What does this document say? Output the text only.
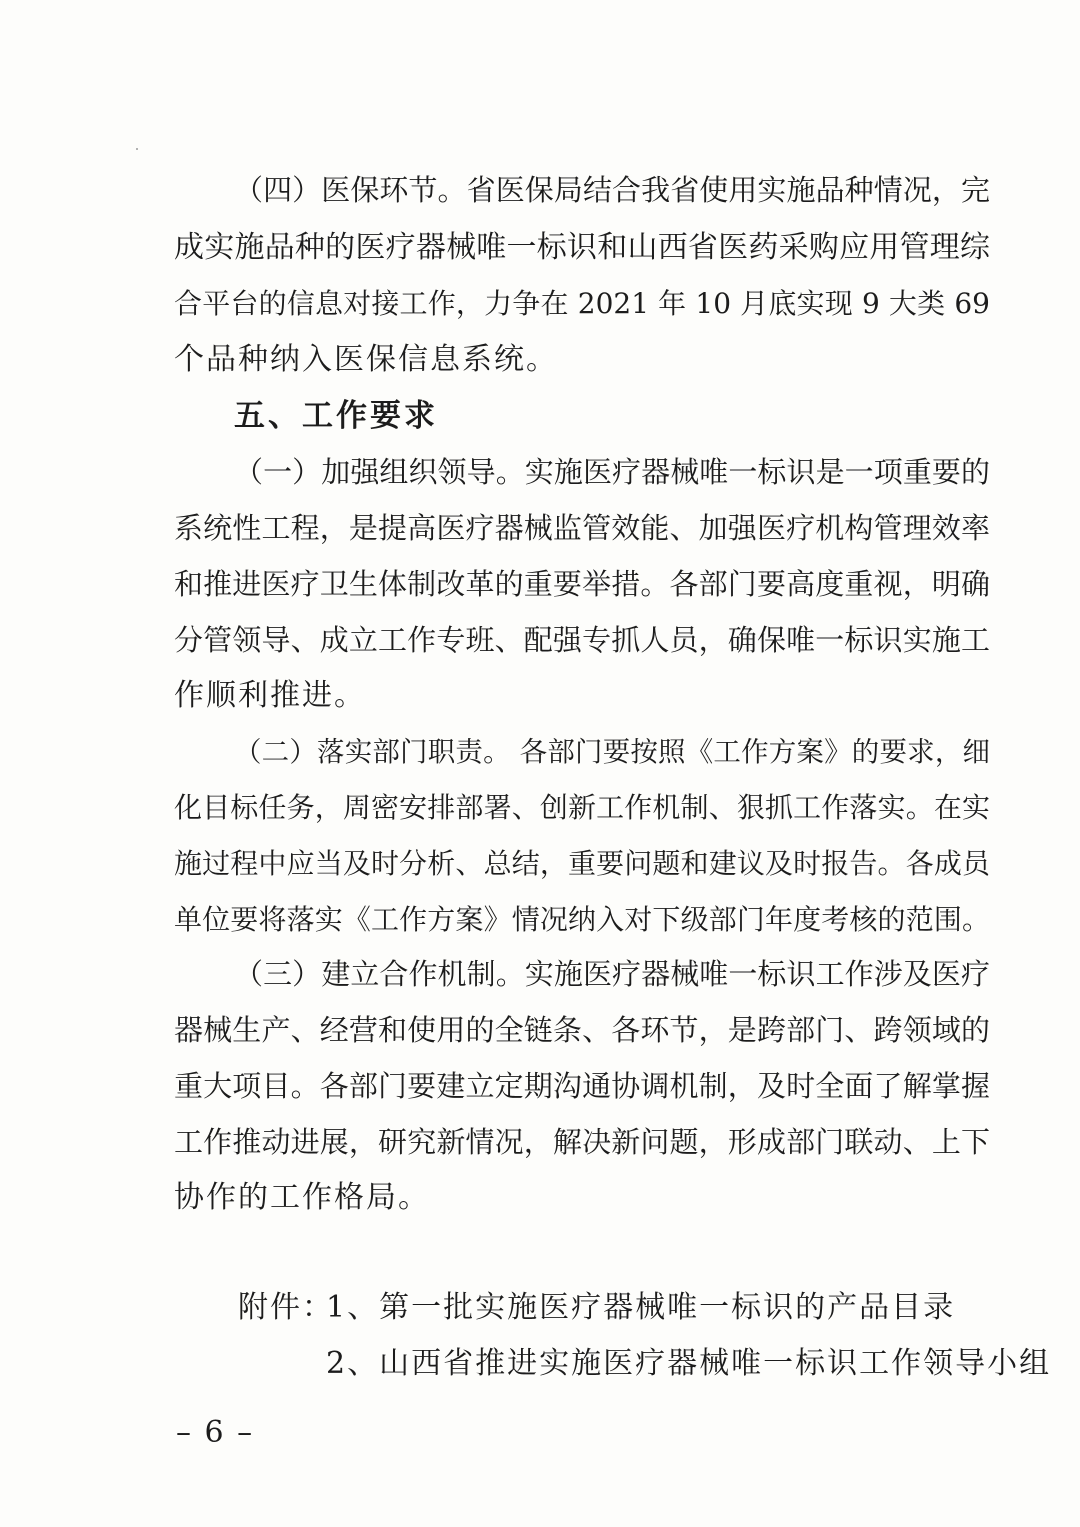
（四）医保环节。省医保局结合我省使用实施品种情况，完
成实施品种的医疗器械唯一标识和山西省医药采购应用管理综
合平台的信息对接工作，力争在 2021 年 10 月底实现 9 大类 69
个品种纳入医保信息系统。
五、工作要求
（一）加强组织领导。实施医疗器械唯一标识是一项重要的
系统性工程，是提高医疗器械监管效能、加强医疗机构管理效率
和推进医疗卫生体制改革的重要举措。各部门要高度重视，明确
分管领导、成立工作专班、配强专抓人员，确保唯一标识实施工
作顺利推进。
（二）落实部门职责。 各部门要按照《工作方案》的要求，细
化目标任务，周密安排部署、创新工作机制、狠抓工作落实。在实
施过程中应当及时分析、总结，重要问题和建议及时报告。各成员
单位要将落实《工作方案》情况纳入对下级部门年度考核的范围。
（三）建立合作机制。实施医疗器械唯一标识工作涉及医疗
器械生产、经营和使用的全链条、各环节，是跨部门、跨领域的
重大项目。各部门要建立定期沟通协调机制，及时全面了解掌握
工作推动进展，研究新情况，解决新问题，形成部门联动、上下
协作的工作格局。
附件：
1、第一批实施医疗器械唯一标识的产品目录
2、山西省推进实施医疗器械唯一标识工作领导小组
– 6 –
